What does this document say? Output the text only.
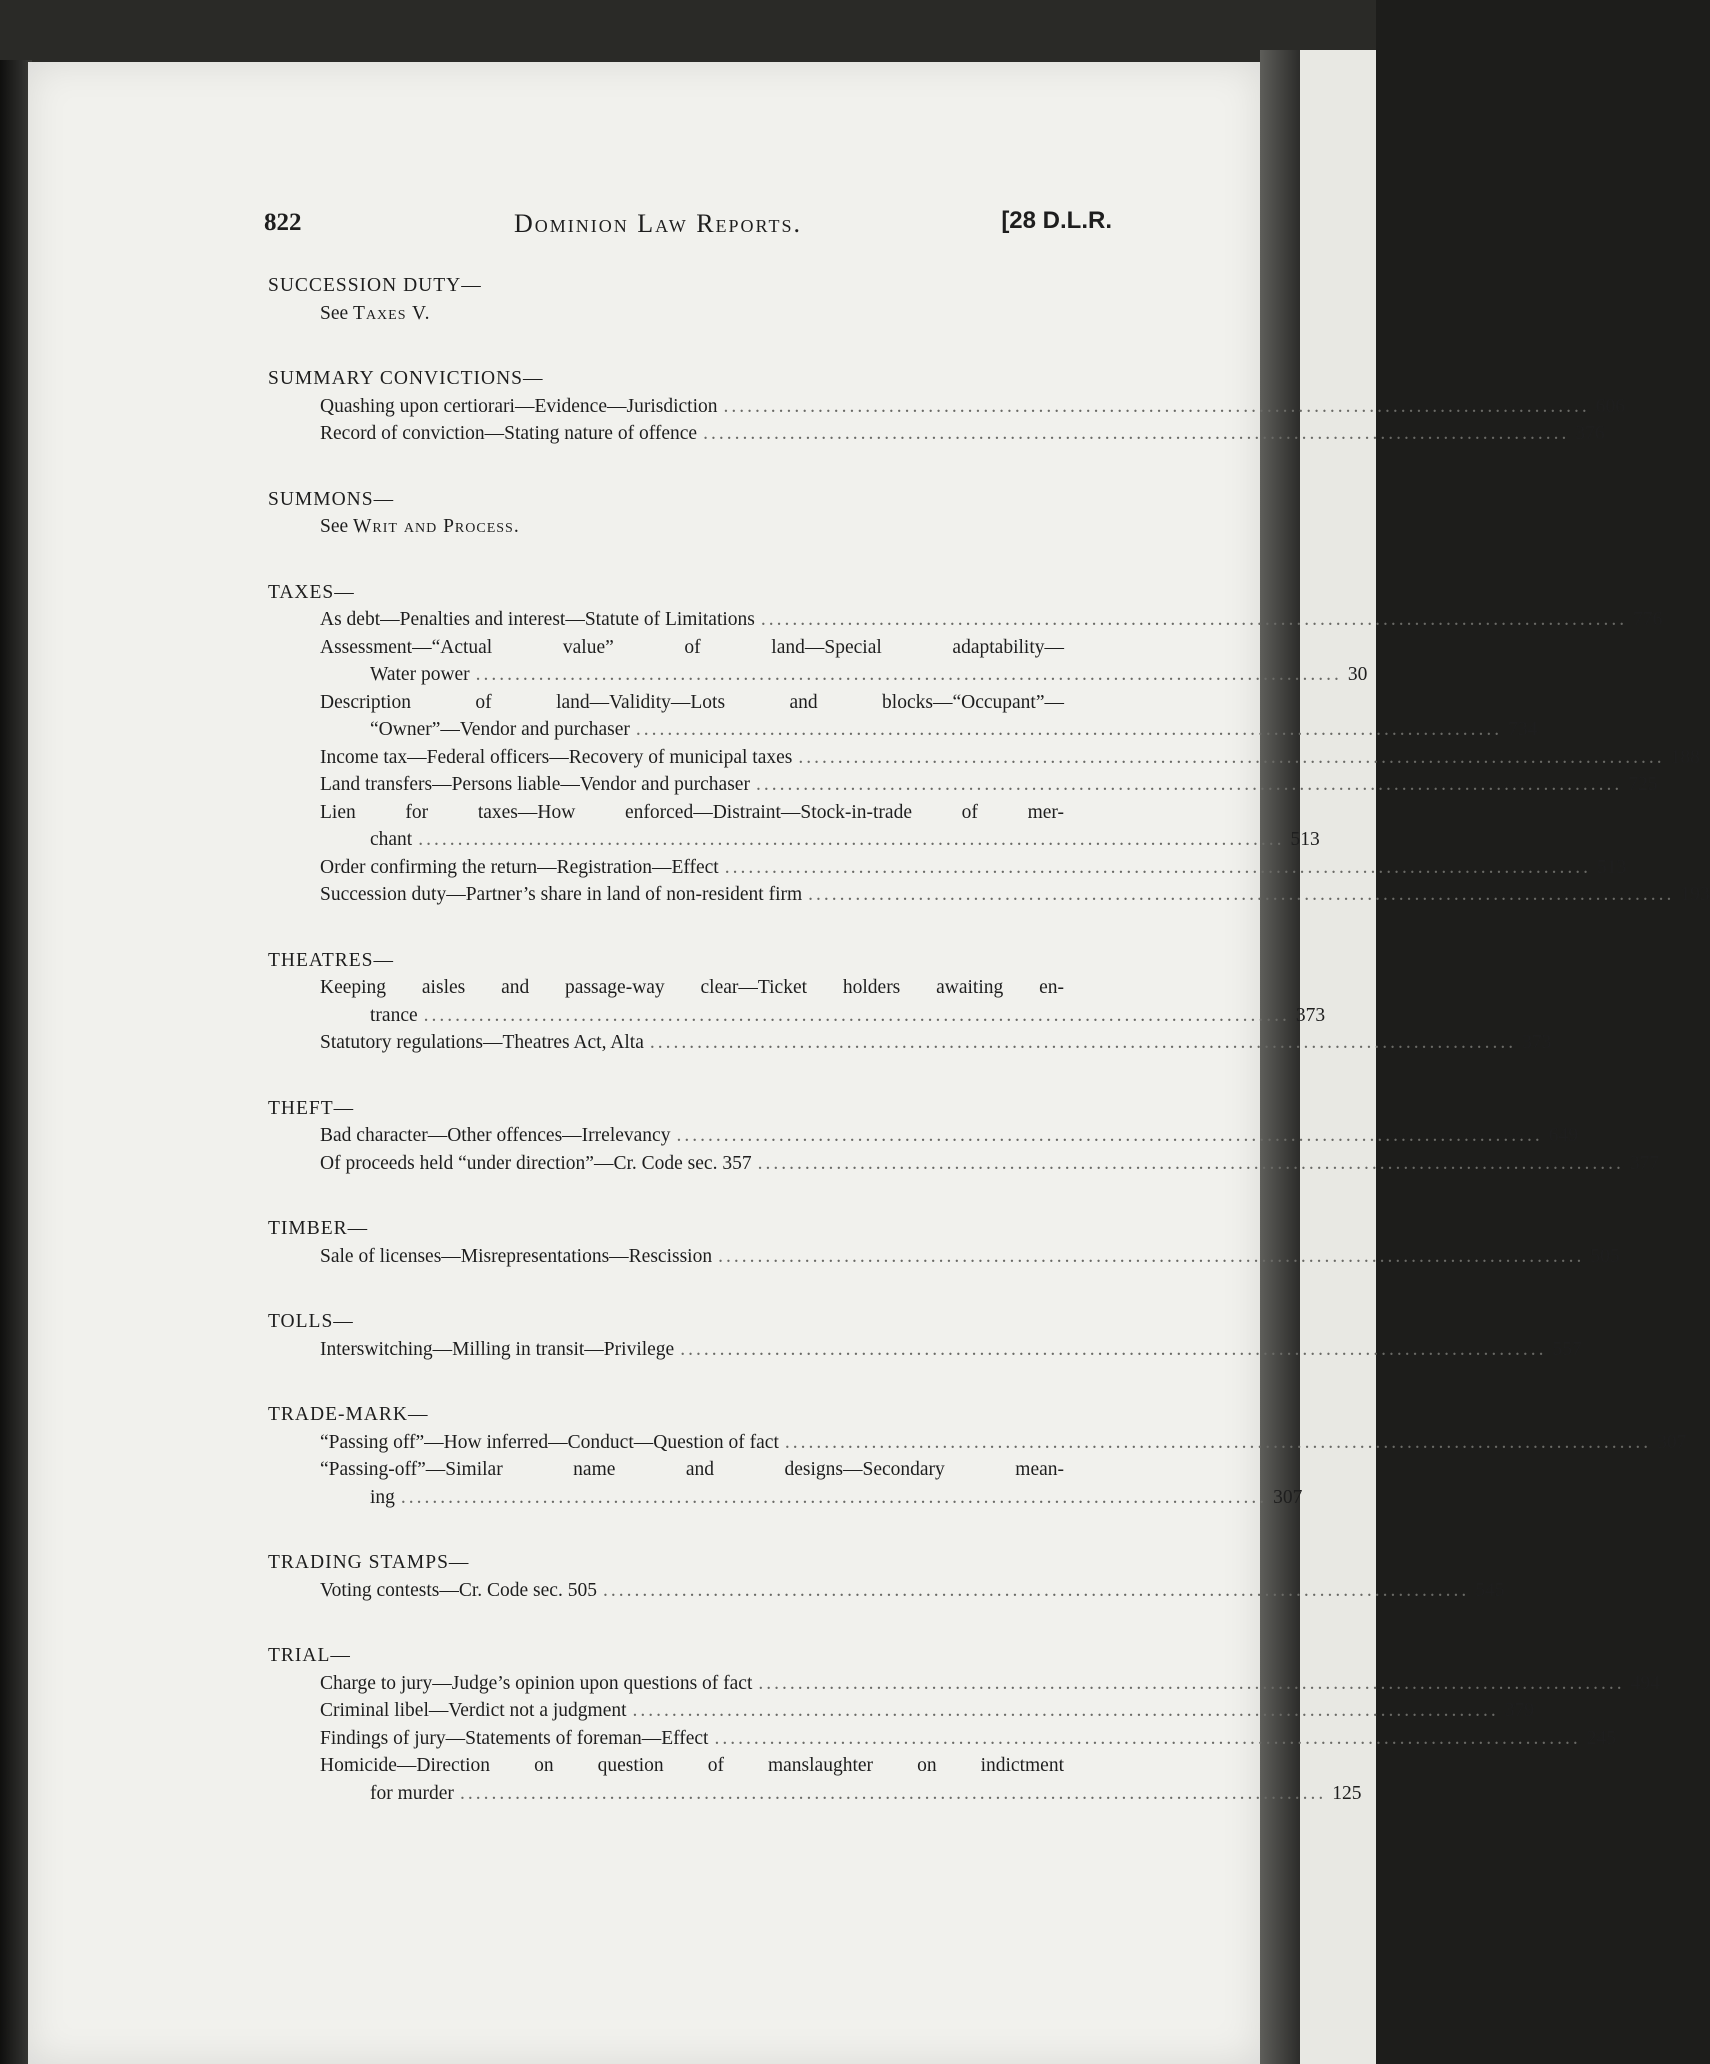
822	Dominion Law Reports.	[28 D.L.R.
SUCCESSION DUTY—
See Taxes V.
SUMMARY CONVICTIONS—
Quashing upon certiorari—Evidence—Jurisdiction .............................................................................................................. 606
Record of conviction—Stating nature of offence .............................................................................................................. 376
SUMMONS—
See Writ and Process.
TAXES—
As debt—Penalties and interest—Statute of Limitations .............................................................................................................. 776
Assessment—“Actual value” of land—Special adaptability—
Water power .............................................................................................................. 30
Description of land—Validity—Lots and blocks—“Occupant”—
“Owner”—Vendor and purchaser .............................................................................................................. 734
Income tax—Federal officers—Recovery of municipal taxes .............................................................................................................. 188
Land transfers—Persons liable—Vendor and purchaser .............................................................................................................. 725
Lien for taxes—How enforced—Distraint—Stock-in-trade of mer-
chant .............................................................................................................. 513
Order confirming the return—Registration—Effect .............................................................................................................. 513
Succession duty—Partner’s share in land of non-resident firm .............................................................................................................. 193
THEATRES—
Keeping aisles and passage-way clear—Ticket holders awaiting en-
trance .............................................................................................................. 373
Statutory regulations—Theatres Act, Alta .............................................................................................................. 373
THEFT—
Bad character—Other offences—Irrelevancy .............................................................................................................. 649
Of proceeds held “under direction”—Cr. Code sec. 357 .............................................................................................................. 377
TIMBER—
Sale of licenses—Misrepresentations—Rescission .............................................................................................................. 505
TOLLS—
Interswitching—Milling in transit—Privilege .............................................................................................................. 557
TRADE-MARK—
“Passing off”—How inferred—Conduct—Question of fact .............................................................................................................. 307
“Passing-off”—Similar name and designs—Secondary mean-
ing .............................................................................................................. 307
TRADING STAMPS—
Voting contests—Cr. Code sec. 505 .............................................................................................................. 545
TRIAL—
Charge to jury—Judge’s opinion upon questions of fact .............................................................................................................. 494
Criminal libel—Verdict not a judgment .............................................................................................................. 379
Findings of jury—Statements of foreman—Effect .............................................................................................................. 245
Homicide—Direction on question of manslaughter on indictment
for murder .............................................................................................................. 125
